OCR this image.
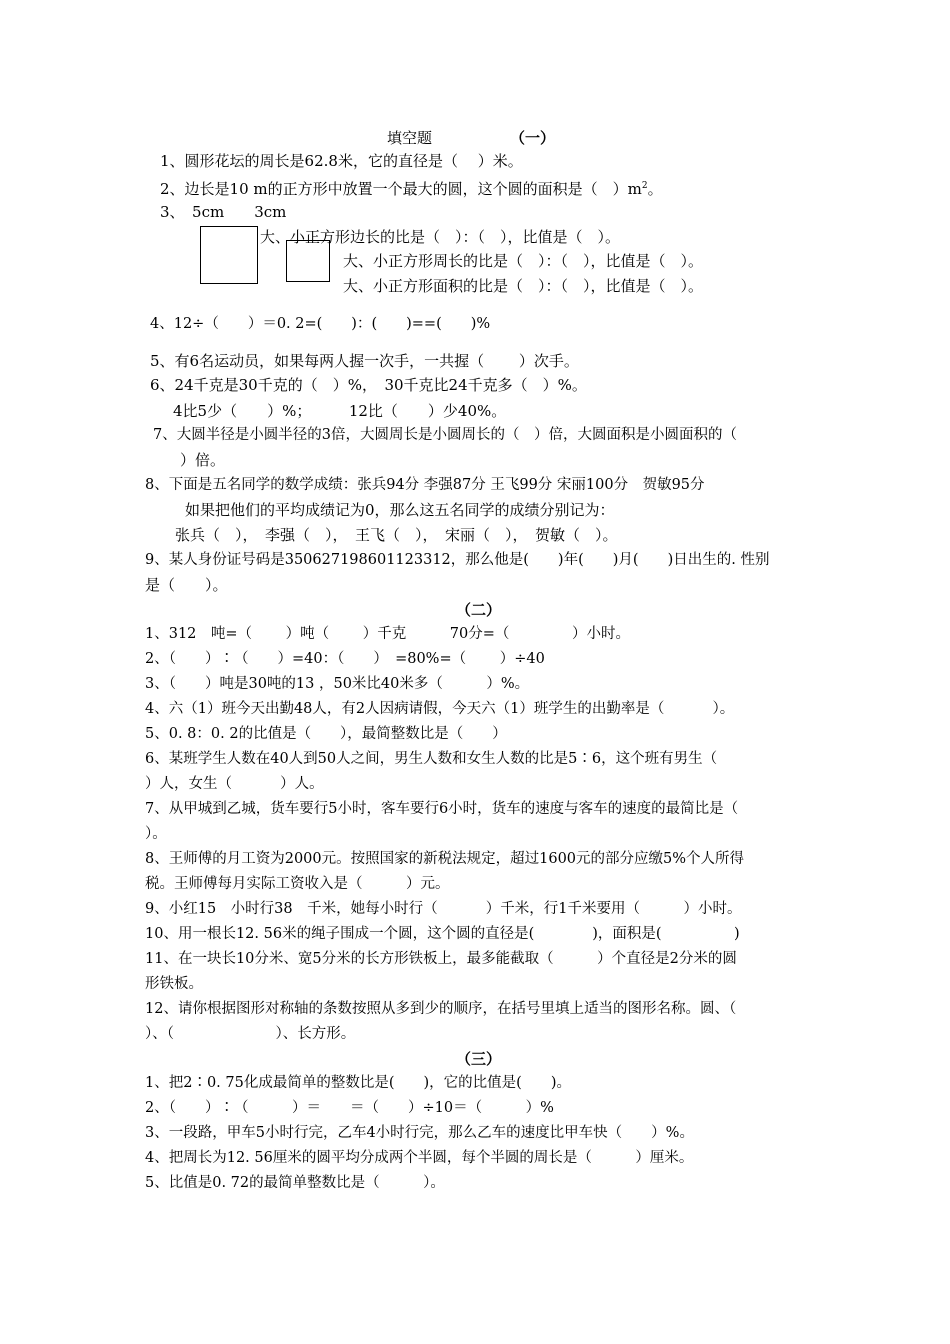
填空题	（一）
1、圆形花坛的周长是62.8米，它的直径是（　 ）米。
2、边长是10 m的正方形中放置一个最大的圆，这个圆的面积是（　）$m^2$。
3、　5cm　　3cm
大、小正方形边长的比是（　）：（　），比值是（　）。
大、小正方形周长的比是（　）：（　），比值是（　）。
大、小正方形面积的比是（　）：（　），比值是（　）。
4、12÷（　　）＝0. 2=(　　)：(　　)==(　　)%
5、有6名运动员，如果每两人握一次手，一共握（　　 ）次手。
6、24千克是30千克的（　）%，　30千克比24千克多（　）%。
4比5少（　　）%；　　　12比（　　）少40%。
7、大圆半径是小圆半径的3倍，大圆周长是小圆周长的（　）倍，大圆面积是小圆面积的（
）倍。
8、下面是五名同学的数学成绩：张兵94分 李强87分 王飞99分 宋丽100分　贺敏95分
如果把他们的平均成绩记为0，那么这五名同学的成绩分别记为：
张兵（　），　李强（　），　王飞（　），　宋丽（　），　贺敏（　）。
9、某人身份证号码是350627198601123312，那么他是(　　)年(　　)月(　　)日出生的. 性别
是（　　）。
（二）
1、312　吨=（　　 ）吨（　　 ）千克　　　70分=（　　　　 ）小时。
2、（　　）∶（　　）=40：（　　）　=80%=（　　 ）÷40
3、（　　）吨是30吨的13 ，50米比40米多（　　　）%。
4、六（1）班今天出勤48人，有2人因病请假，今天六（1）班学生的出勤率是（　　　 ）。
5、0. 8：0. 2的比值是（　　），最简整数比是（　　）
6、某班学生人数在40人到50人之间，男生人数和女生人数的比是5∶6，这个班有男生（
）人，女生（　　　 ）人。
7、从甲城到乙城，货车要行5小时，客车要行6小时，货车的速度与客车的速度的最简比是（
）。
8、王师傅的月工资为2000元。按照国家的新税法规定，超过1600元的部分应缴5%个人所得
税。王师傅每月实际工资收入是（　　　）元。
9、小红15　小时行38　千米，她每小时行（　　　 ）千米，行1千米要用（　　　）小时。
10、用一根长12. 56米的绳子围成一个圆，这个圆的直径是(　　　　)，面积是(　　　　　)
11、在一块长10分米、宽5分米的长方形铁板上，最多能截取（　　　）个直径是2分米的圆
形铁板。
12、请你根据图形对称轴的条数按照从多到少的顺序，在括号里填上适当的图形名称。圆、（
）、（　　　　　　　）、长方形。
（三）
1、把2∶0. 75化成最简单的整数比是(　　)，它的比值是(　　)。
2、（　　）∶（　　　）＝　　＝（　　）÷10＝（　　　）%
3、一段路，甲车5小时行完，乙车4小时行完，那么乙车的速度比甲车快（　　）%。
4、把周长为12. 56厘米的圆平均分成两个半圆，每个半圆的周长是（　　　）厘米。
5、比值是0. 72的最简单整数比是（　　　）。
